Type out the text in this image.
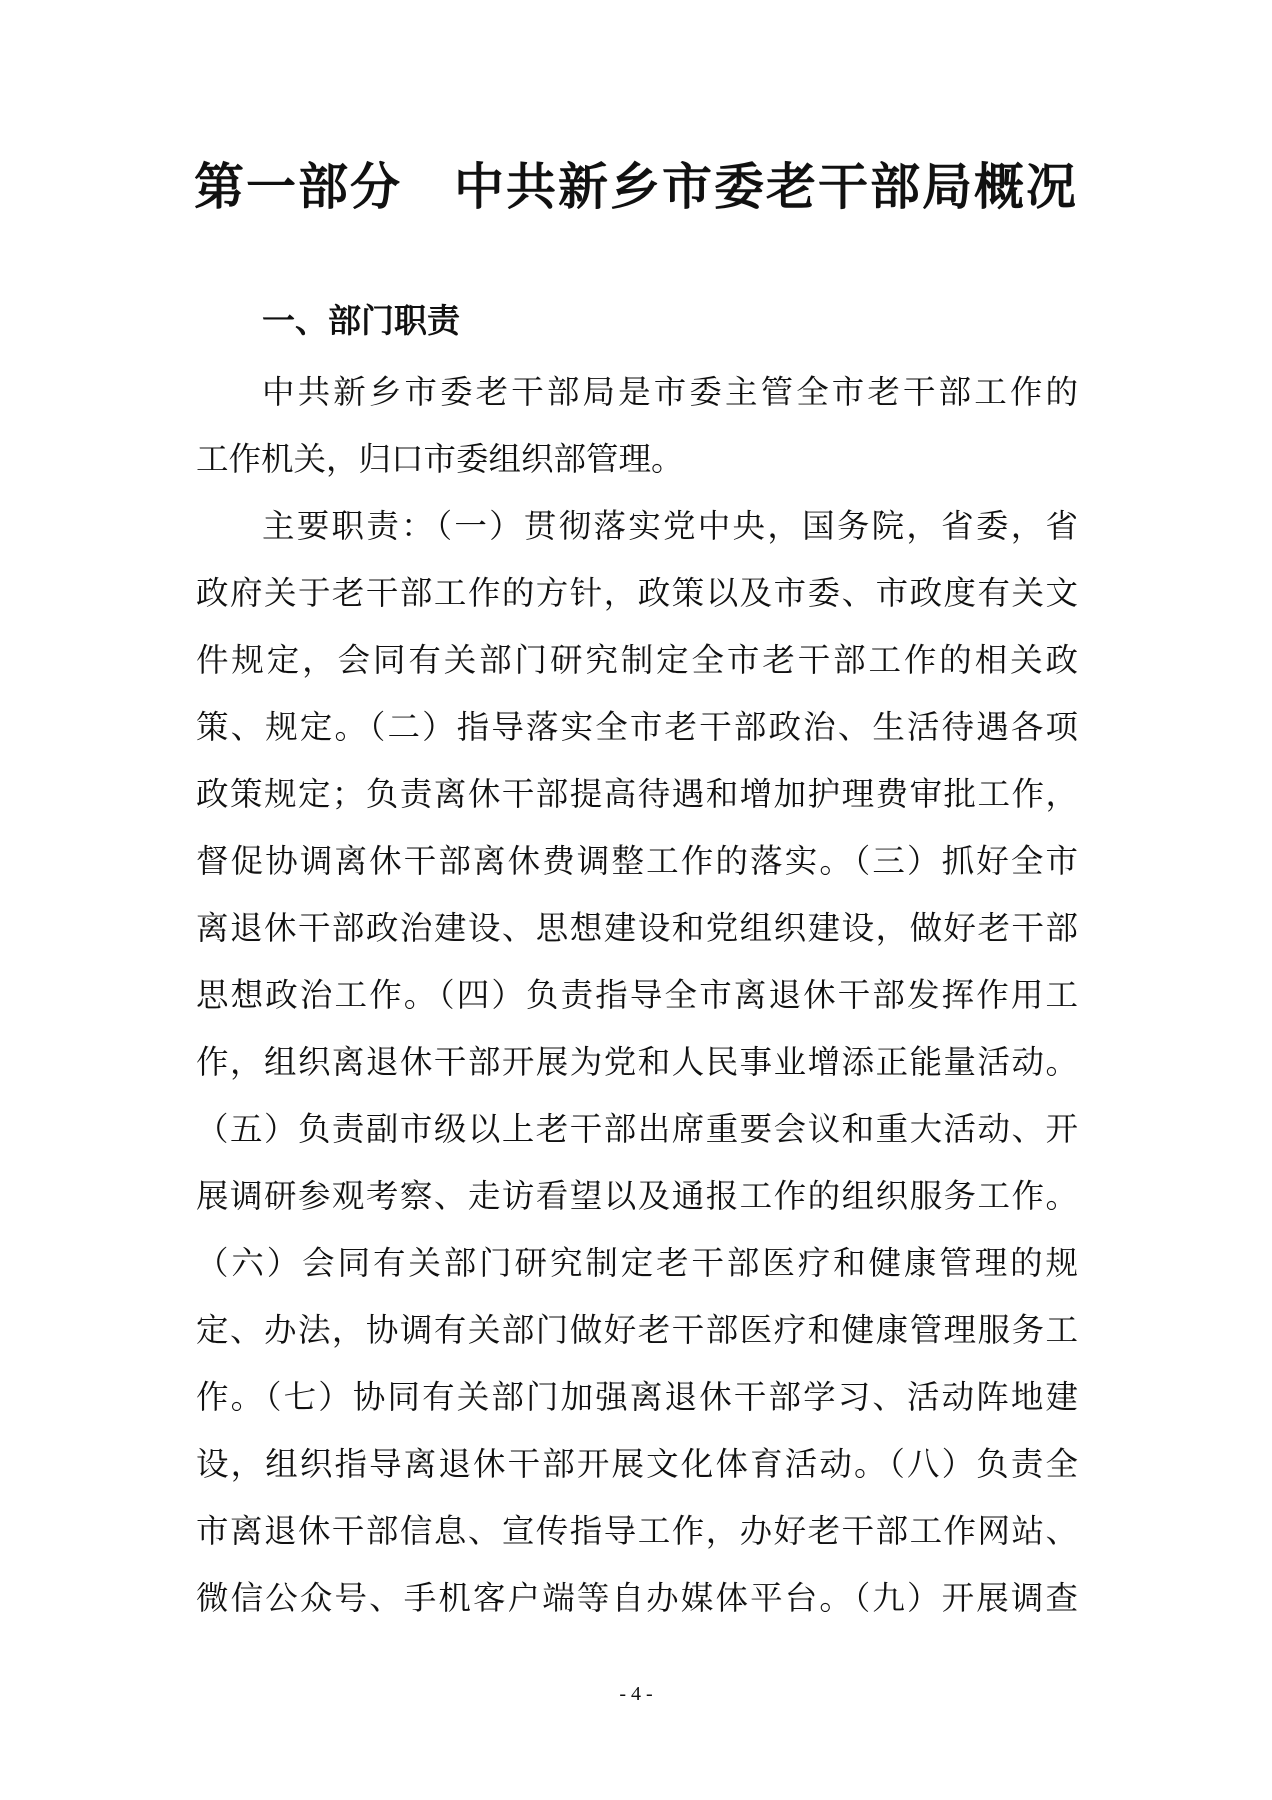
第一部分　中共新乡市委老干部局概况
一、部门职责
中共新乡市委老干部局是市委主管全市老干部工作的
工作机关，归口市委组织部管理。
主要职责：（一）贯彻落实党中央，国务院，省委，省
政府关于老干部工作的方针，政策以及市委、市政度有关文
件规定，会同有关部门研究制定全市老干部工作的相关政
策、规定。（二）指导落实全市老干部政治、生活待遇各项
政策规定；负责离休干部提高待遇和增加护理费审批工作，
督促协调离休干部离休费调整工作的落实。（三）抓好全市
离退休干部政治建设、思想建设和党组织建设，做好老干部
思想政治工作。（四）负责指导全市离退休干部发挥作用工
作，组织离退休干部开展为党和人民事业增添正能量活动。
（五）负责副市级以上老干部出席重要会议和重大活动、开
展调研参观考察、走访看望以及通报工作的组织服务工作。
（六）会同有关部门研究制定老干部医疗和健康管理的规
定、办法，协调有关部门做好老干部医疗和健康管理服务工
作。（七）协同有关部门加强离退休干部学习、活动阵地建
设，组织指导离退休干部开展文化体育活动。（八）负责全
市离退休干部信息、宣传指导工作，办好老干部工作网站、
微信公众号、手机客户端等自办媒体平台。（九）开展调查
- 4 -
